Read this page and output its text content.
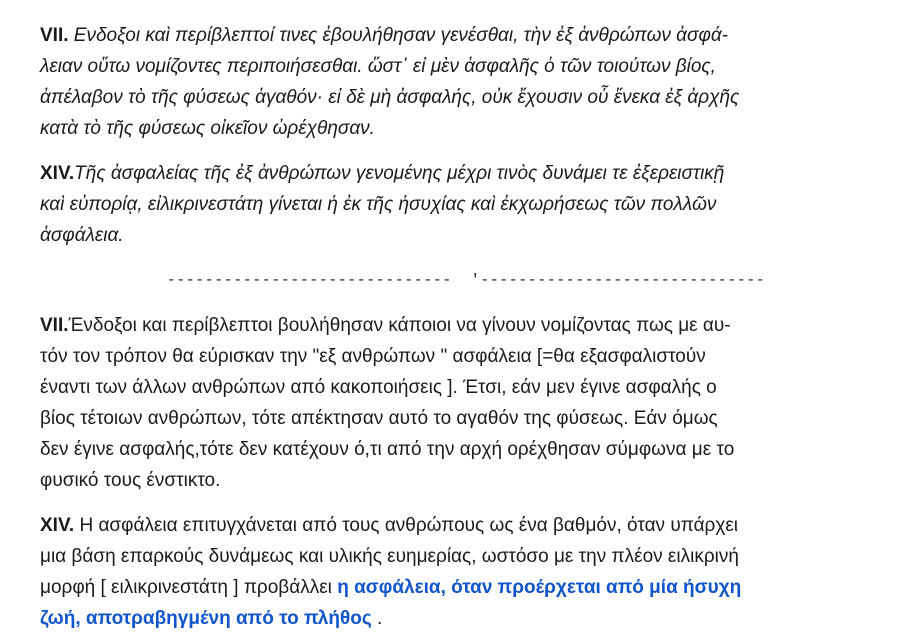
VII. Ενδοξοι καὶ περίβλεπτοί τινες ἐβουλήθησαν γενέσθαι, τὴν ἐξ ἀνθρώπων ἀσφά-
λειαν οὕτω νομίζοντες περιποιήσεσθαι. ὥστ᾽ εἰ μὲν ἀσφαλῆς ὁ τῶν τοιούτων βίος,
ἀπέλαβον τὸ τῆς φύσεως ἀγαθόν· εἰ δὲ μὴ ἀσφαλής, οὐκ ἔχουσιν οὗ ἕνεκα ἐξ ἀρχῆς
κατὰ τὸ τῆς φύσεως οἰκεῖον ὠρέχθησαν.
XIV.Τῆς ἀσφαλείας τῆς ἐξ ἀνθρώπων γενομένης μέχρι τινὸς δυνάμει τε ἐξερειστικῇ
καὶ εὐπορίᾳ, εἰλικρινεστάτη γίνεται ἡ ἐκ τῆς ἡσυχίας καὶ ἐκχωρήσεως τῶν πολλῶν
ἀσφάλεια.
------------------------------  '------------------------------
VII.Ένδοξοι και περίβλεπτοι βουλήθησαν κάποιοι να γίνουν νομίζοντας πως με αυ-
τόν τον τρόπον θα εύρισκαν την "εξ ανθρώπων " ασφάλεια [=θα εξασφαλιστούν
έναντι των άλλων ανθρώπων από κακοποιήσεις ]. Έτσι, εάν μεν έγινε ασφαλής ο
βίος τέτοιων ανθρώπων, τότε απέκτησαν αυτό το αγαθόν της φύσεως. Εάν όμως
δεν έγινε ασφαλής,τότε δεν κατέχουν ό,τι από την αρχή ορέχθησαν σύμφωνα με το
φυσικό τους ένστικτο.
XIV. Η ασφάλεια επιτυγχάνεται από τους ανθρώπους ως ένα βαθμόν, όταν υπάρχει
μια βάση επαρκούς δυνάμεως και υλικής ευημερίας, ωστόσο με την πλέον ειλικρινή
μορφή [ ειλικρινεστάτη ] προβάλλει η ασφάλεια, όταν προέρχεται από μία ήσυχη
ζωή, αποτραβηγμένη από το πλήθος .
